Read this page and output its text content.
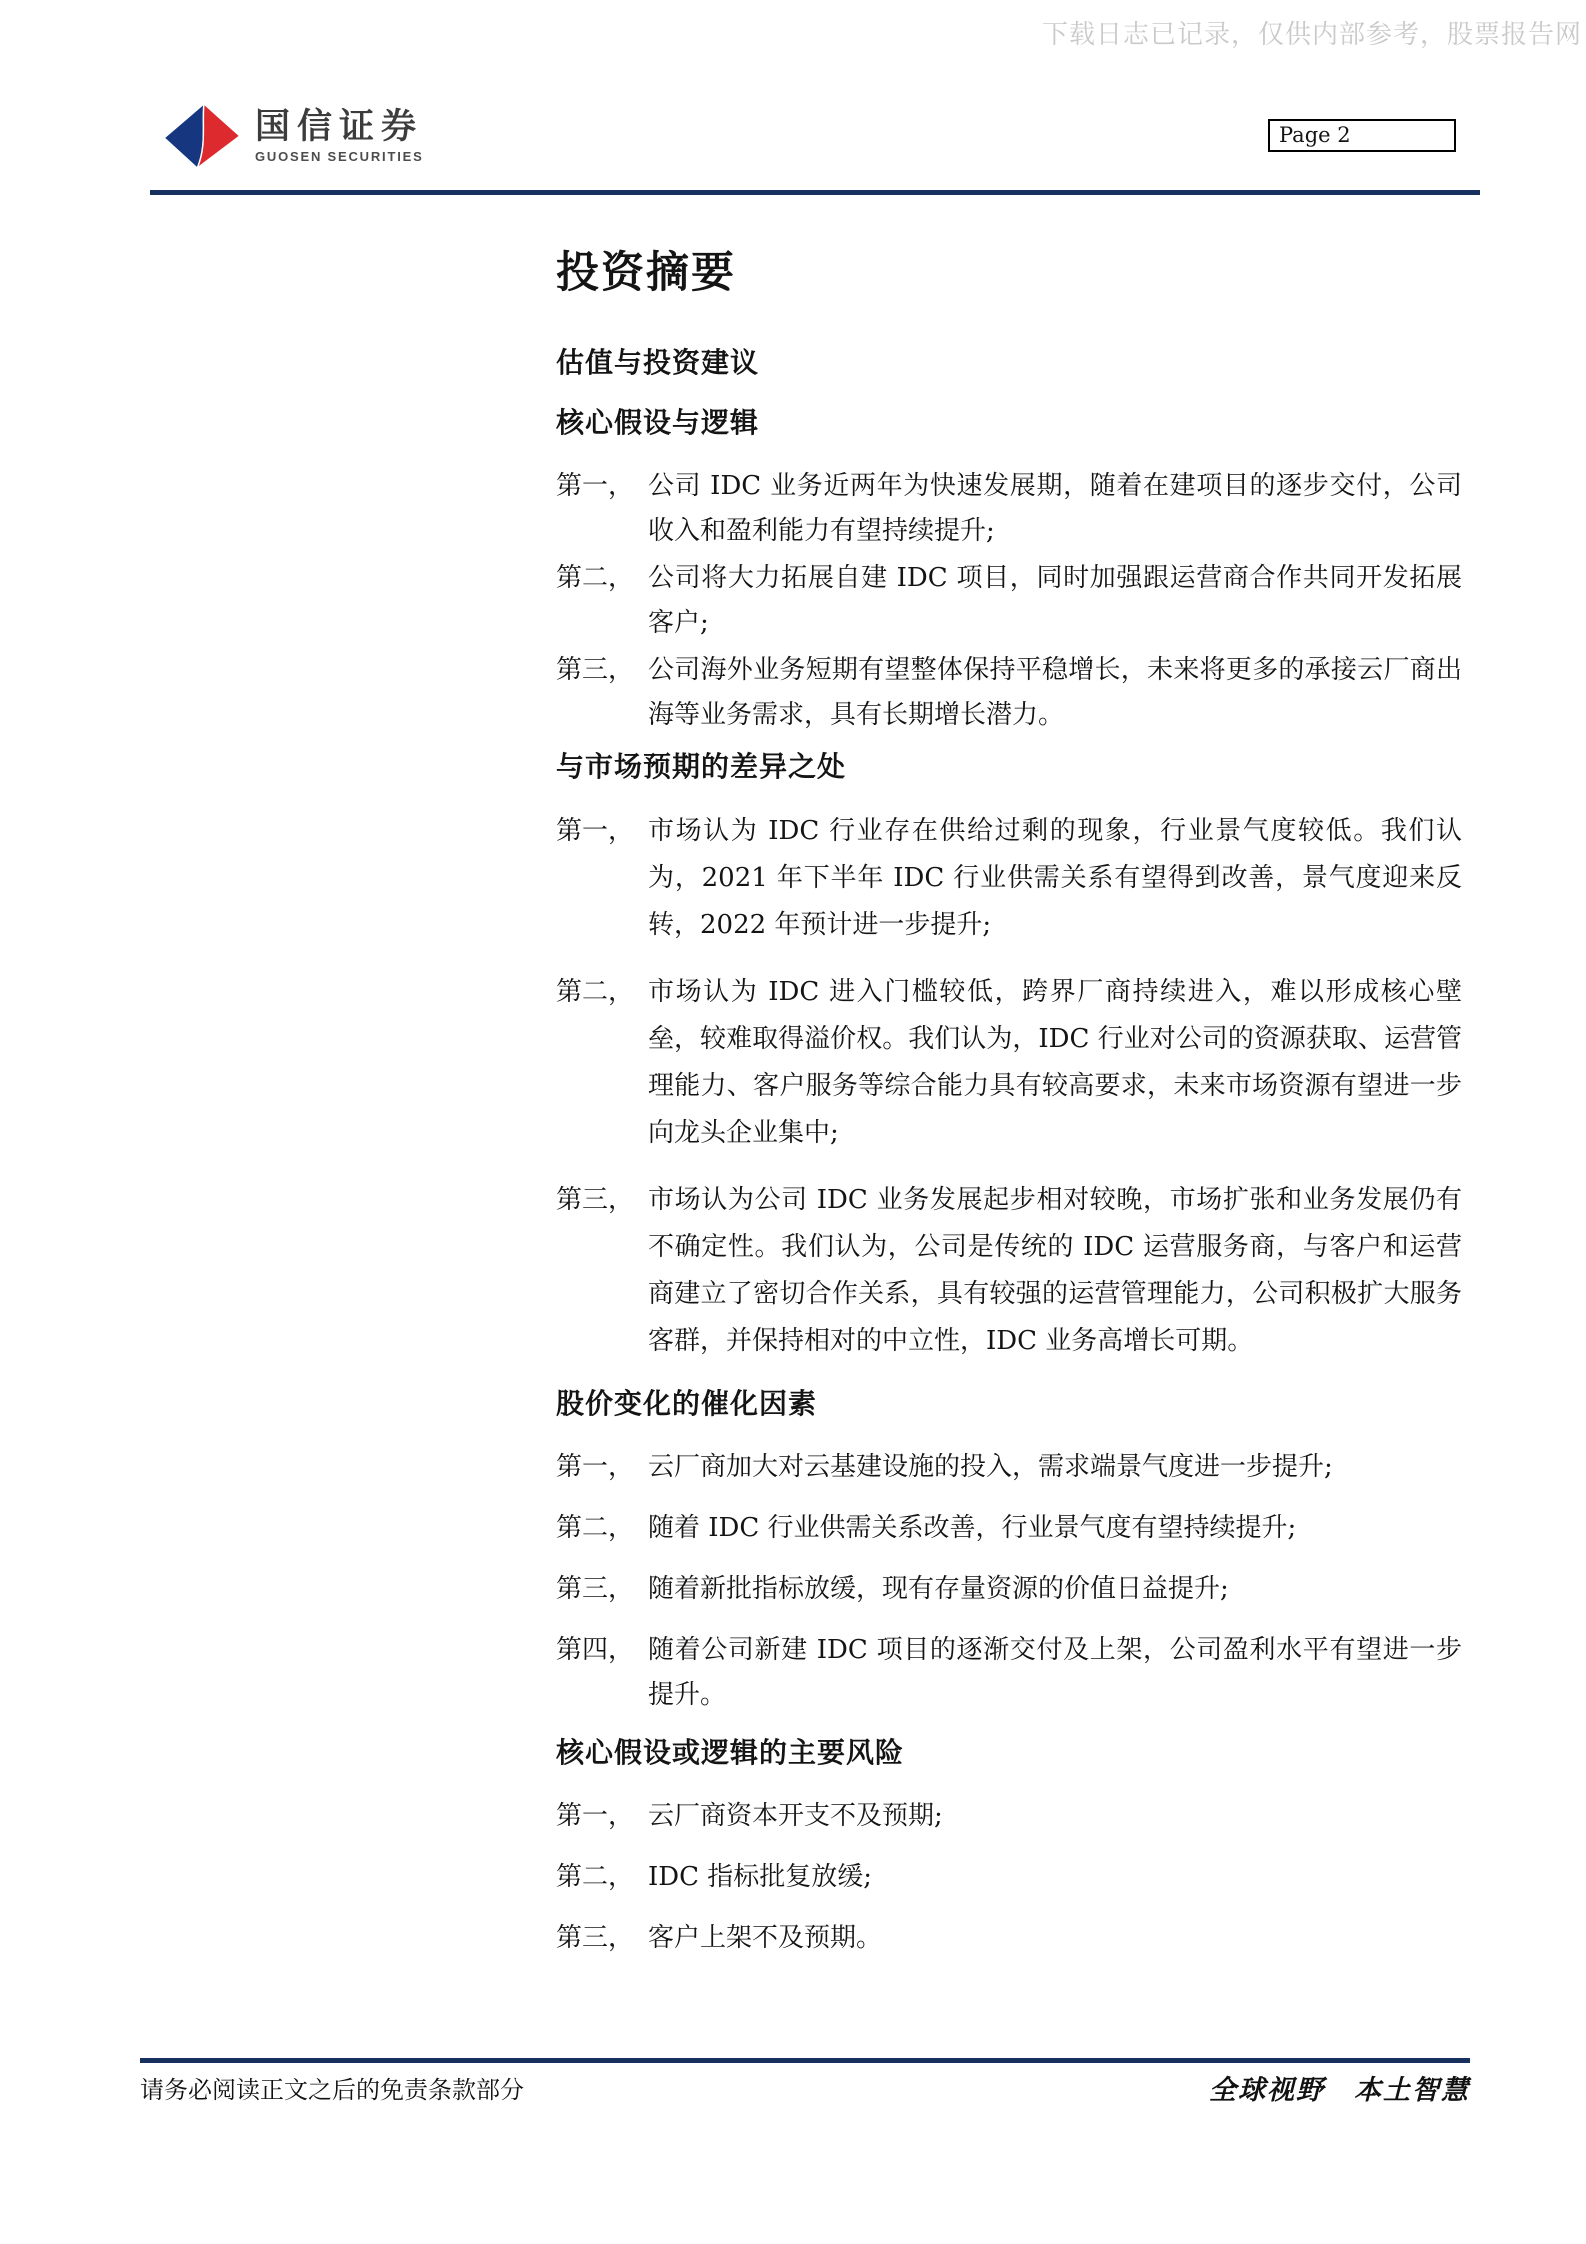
下载日志已记录，仅供内部参考，股票报告网
国信证券
GUOSEN SECURITIES
Page 2
投资摘要
估值与投资建议
核心假设与逻辑
第一， 公司 IDC 业务近两年为快速发展期，随着在建项目的逐步交付，公司收入和盈利能力有望持续提升;
第二， 公司将大力拓展自建 IDC 项目，同时加强跟运营商合作共同开发拓展客户;
第三， 公司海外业务短期有望整体保持平稳增长，未来将更多的承接云厂商出海等业务需求，具有长期增长潜力。
与市场预期的差异之处
第一， 市场认为 IDC 行业存在供给过剩的现象，行业景气度较低。我们认为，2021 年下半年 IDC 行业供需关系有望得到改善，景气度迎来反转，2022 年预计进一步提升;
第二， 市场认为 IDC 进入门槛较低，跨界厂商持续进入，难以形成核心壁垒，较难取得溢价权。我们认为，IDC 行业对公司的资源获取、运营管理能力、客户服务等综合能力具有较高要求，未来市场资源有望进一步向龙头企业集中;
第三， 市场认为公司 IDC 业务发展起步相对较晚，市场扩张和业务发展仍有不确定性。我们认为，公司是传统的 IDC 运营服务商，与客户和运营商建立了密切合作关系，具有较强的运营管理能力，公司积极扩大服务客群，并保持相对的中立性，IDC 业务高增长可期。
股价变化的催化因素
第一， 云厂商加大对云基建设施的投入，需求端景气度进一步提升;
第二， 随着 IDC 行业供需关系改善，行业景气度有望持续提升;
第三， 随着新批指标放缓，现有存量资源的价值日益提升;
第四， 随着公司新建 IDC 项目的逐渐交付及上架，公司盈利水平有望进一步提升。
核心假设或逻辑的主要风险
第一， 云厂商资本开支不及预期;
第二， IDC 指标批复放缓;
第三， 客户上架不及预期。
请务必阅读正文之后的免责条款部分	全球视野　本土智慧
